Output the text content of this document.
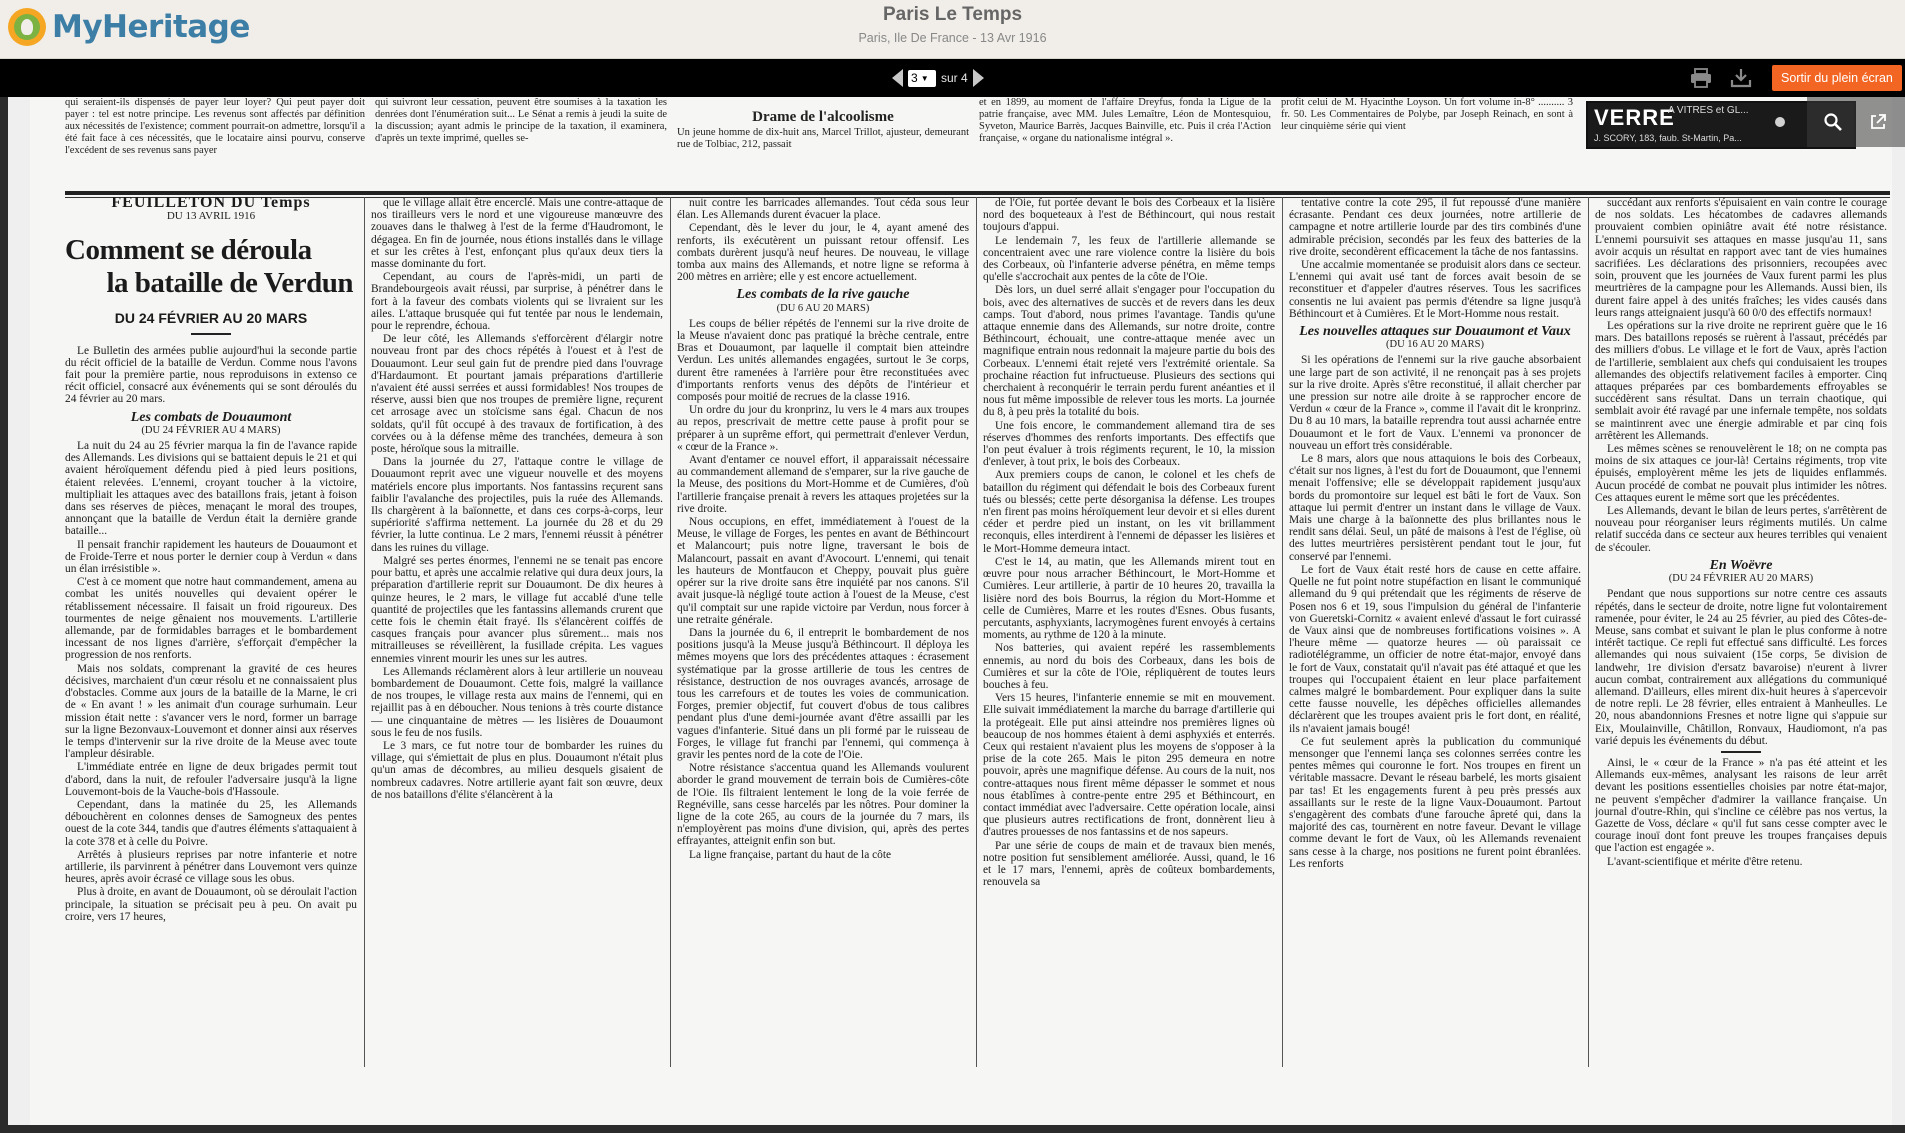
MyHeritage	Paris Le Temps
Paris, Ile De France - 13 Avr 1916
3 ▼ sur 4	Sortir du plein écran

qui seraient-ils dispensés de payer leur loyer? Qui peut payer doit payer : tel est notre principe. Les revenus sont affectés par définition aux nécessités de l'existence; comment pourrait-on admettre, lorsqu'il a été fait face à ces nécessités, que le locataire ainsi pourvu, conserve l'excédent de ses revenus sans payer

qui suivront leur cessation, peuvent être soumises à la taxation les denrées dont l'énumération suit... Le Sénat a remis à jeudi la suite de la discussion; ayant admis le principe de la taxation, il examinera, d'après un texte imprimé, quelles se-

Drame de l'alcoolisme

Un jeune homme de dix-huit ans, Marcel Trillot, ajusteur, demeurant rue de Tolbiac, 212, passait

et en 1899, au moment de l'affaire Dreyfus, fonda la Ligue de la patrie française, avec MM. Jules Lemaître, Léon de Montesquiou, Syveton, Maurice Barrès, Jacques Bainville, etc. Puis il créa l'Action française, « organe du nationalisme intégral ».

profit celui de M. Hyacinthe Loyson. Un fort volume in-8° .......... 3 fr. 50. Les Commentaires de Polybe, par Joseph Reinach, en sont à leur cinquième série qui vient	VERRE
A VITRES et GL...
J. SCORY, 183, faub. St-Martin, Pa...
FEUILLETON DU Temps
DU 13 AVRIL 1916
Comment se déroula
la bataille de Verdun
DU 24 FÉVRIER AU 20 MARS

Le Bulletin des armées publie aujourd'hui la seconde partie du récit officiel de la bataille de Verdun. Comme nous l'avons fait pour la première partie, nous reproduisons in extenso ce récit officiel, consacré aux événements qui se sont déroulés du 24 février au 20 mars.

Les combats de Douaumont
(DU 24 FÉVRIER AU 4 MARS)

La nuit du 24 au 25 février marqua la fin de l'avance rapide des Allemands. Les divisions qui se battaient depuis le 21 et qui avaient héroïquement défendu pied à pied leurs positions, étaient relevées. L'ennemi, croyant toucher à la victoire, multipliait les attaques avec des bataillons frais, jetant à foison dans ses réserves de pièces, menaçant le moral des troupes, annonçant que la bataille de Verdun était la dernière grande bataille...

Il pensait franchir rapidement les hauteurs de Douaumont et de Froide-Terre et nous porter le dernier coup à Verdun « dans un élan irrésistible ».

C'est à ce moment que notre haut commandement, amena au combat les unités nouvelles qui devaient opérer le rétablissement nécessaire. Il faisait un froid rigoureux. Des tourmentes de neige gênaient nos mouvements. L'artillerie allemande, par de formidables barrages et le bombardement incessant de nos lignes d'arrière, s'efforçait d'empêcher la progression de nos renforts.

Mais nos soldats, comprenant la gravité de ces heures décisives, marchaient d'un cœur résolu et ne connaissaient plus d'obstacles. Comme aux jours de la bataille de la Marne, le cri de « En avant ! » les animait d'un courage surhumain. Leur mission était nette : s'avancer vers le nord, former un barrage sur la ligne Bezonvaux-Louvemont et donner ainsi aux réserves le temps d'intervenir sur la rive droite de la Meuse avec toute l'ampleur désirable.

L'immédiate entrée en ligne de deux brigades permit tout d'abord, dans la nuit, de refouler l'adversaire jusqu'à la ligne Louvemont-bois de la Vauche-bois d'Hassoule.

Cependant, dans la matinée du 25, les Allemands débouchèrent en colonnes denses de Samogneux des pentes ouest de la cote 344, tandis que d'autres éléments s'attaquaient à la cote 378 et à celle du Poivre.

Arrêtés à plusieurs reprises par notre infanterie et notre artillerie, ils parvinrent à pénétrer dans Louvemont vers quinze heures, après avoir écrasé ce village sous les obus.

Plus à droite, en avant de Douaumont, où se déroulait l'action principale, la situation se précisait peu à peu. On avait pu croire, vers 17 heures,

que le village allait être encerclé. Mais une contre-attaque de nos tirailleurs vers le nord et une vigoureuse manœuvre des zouaves dans le thalweg à l'est de la ferme d'Haudromont, le dégagea. En fin de journée, nous étions installés dans le village et sur les crêtes à l'est, enfonçant plus qu'aux deux tiers la masse dominante du fort.

Cependant, au cours de l'après-midi, un parti de Brandebourgeois avait réussi, par surprise, à pénétrer dans le fort à la faveur des combats violents qui se livraient sur les ailes. L'attaque brusquée qui fut tentée par nous le lendemain, pour le reprendre, échoua.

De leur côté, les Allemands s'efforcèrent d'élargir notre nouveau front par des chocs répétés à l'ouest et à l'est de Douaumont. Leur seul gain fut de prendre pied dans l'ouvrage d'Hardaumont. Et pourtant jamais préparations d'artillerie n'avaient été aussi serrées et aussi formidables! Nos troupes de réserve, aussi bien que nos troupes de première ligne, reçurent cet arrosage avec un stoïcisme sans égal. Chacun de nos soldats, qu'il fût occupé à des travaux de fortification, à des corvées ou à la défense même des tranchées, demeura à son poste, héroïque sous la mitraille.

Dans la journée du 27, l'attaque contre le village de Douaumont reprit avec une vigueur nouvelle et des moyens matériels encore plus importants. Nos fantassins reçurent sans faiblir l'avalanche des projectiles, puis la ruée des Allemands. Ils chargèrent à la baïonnette, et dans ces corps-à-corps, leur supériorité s'affirma nettement. La journée du 28 et du 29 février, la lutte continua. Le 2 mars, l'ennemi réussit à pénétrer dans les ruines du village.

Malgré ses pertes énormes, l'ennemi ne se tenait pas encore pour battu, et après une accalmie relative qui dura deux jours, la préparation d'artillerie reprit sur Douaumont. De dix heures à quinze heures, le 2 mars, le village fut accablé d'une telle quantité de projectiles que les fantassins allemands crurent que cette fois le chemin était frayé. Ils s'élancèrent coiffés de casques français pour avancer plus sûrement... mais nos mitrailleuses se réveillèrent, la fusillade crépita. Les vagues ennemies vinrent mourir les unes sur les autres.

Les Allemands réclamèrent alors à leur artillerie un nouveau bombardement de Douaumont. Cette fois, malgré la vaillance de nos troupes, le village resta aux mains de l'ennemi, qui en rejaillit pas à en déboucher. Nous tenions à très courte distance — une cinquantaine de mètres — les lisières de Douaumont sous le feu de nos fusils.

Le 3 mars, ce fut notre tour de bombarder les ruines du village, qui s'émiettait de plus en plus. Douaumont n'était plus qu'un amas de décombres, au milieu desquels gisaient de nombreux cadavres. Notre artillerie ayant fait son œuvre, deux de nos bataillons d'élite s'élancèrent à la

nuit contre les barricades allemandes. Tout céda sous leur élan. Les Allemands durent évacuer la place.

Cependant, dès le lever du jour, le 4, ayant amené des renforts, ils exécutèrent un puissant retour offensif. Les combats durèrent jusqu'à neuf heures. De nouveau, le village tomba aux mains des Allemands, et notre ligne se reforma à 200 mètres en arrière; elle y est encore actuellement.

Les combats de la rive gauche
(DU 6 AU 20 MARS)

Les coups de bélier répétés de l'ennemi sur la rive droite de la Meuse n'avaient donc pas pratiqué la brèche centrale, entre Bras et Douaumont, par laquelle il comptait bien atteindre Verdun. Les unités allemandes engagées, surtout le 3e corps, durent être ramenées à l'arrière pour être reconstituées avec d'importants renforts venus des dépôts de l'intérieur et composés pour moitié de recrues de la classe 1916.

Un ordre du jour du kronprinz, lu vers le 4 mars aux troupes au repos, prescrivait de mettre cette pause à profit pour se préparer à un suprême effort, qui permettrait d'enlever Verdun, « cœur de la France ».

Avant d'entamer ce nouvel effort, il apparaissait nécessaire au commandement allemand de s'emparer, sur la rive gauche de la Meuse, des positions du Mort-Homme et de Cumières, d'où l'artillerie française prenait à revers les attaques projetées sur la rive droite.

Nous occupions, en effet, immédiatement à l'ouest de la Meuse, le village de Forges, les pentes en avant de Béthincourt et Malancourt; puis notre ligne, traversant le bois de Malancourt, passait en avant d'Avocourt. L'ennemi, qui tenait les hauteurs de Montfaucon et Cheppy, pouvait plus guère opérer sur la rive droite sans être inquiété par nos canons. S'il avait jusque-là négligé toute action à l'ouest de la Meuse, c'est qu'il comptait sur une rapide victoire par Verdun, nous forcer à une retraite générale.

Dans la journée du 6, il entreprit le bombardement de nos positions jusqu'à la Meuse jusqu'à Béthincourt. Il déploya les mêmes moyens que lors des précédentes attaques : écrasement systématique par la grosse artillerie de tous les centres de résistance, destruction de nos ouvrages avancés, arrosage de tous les carrefours et de toutes les voies de communication. Forges, premier objectif, fut couvert d'obus de tous calibres pendant plus d'une demi-journée avant d'être assailli par les vagues d'infanterie. Situé dans un pli formé par le ruisseau de Forges, le village fut franchi par l'ennemi, qui commença à gravir les pentes nord de la cote de l'Oie.

Notre résistance s'accentua quand les Allemands voulurent aborder le grand mouvement de terrain bois de Cumières-côte de l'Oie. Ils filtraient lentement le long de la voie ferrée de Regnéville, sans cesse harcelés par les nôtres. Pour dominer la ligne de la cote 265, au cours de la journée du 7 mars, ils n'employèrent pas moins d'une division, qui, après des pertes effrayantes, atteignit enfin son but.

La ligne française, partant du haut de la côte

de l'Oie, fut portée devant le bois des Corbeaux et la lisière nord des boqueteaux à l'est de Béthincourt, qui nous restait toujours d'appui.

Le lendemain 7, les feux de l'artillerie allemande se concentraient avec une rare violence contre la lisière du bois des Corbeaux, où l'infanterie adverse pénétra, en même temps qu'elle s'accrochait aux pentes de la côte de l'Oie.

Dès lors, un duel serré allait s'engager pour l'occupation du bois, avec des alternatives de succès et de revers dans les deux camps. Tout d'abord, nous primes l'avantage. Tandis qu'une attaque ennemie dans des Allemands, sur notre droite, contre Béthincourt, échouait, une contre-attaque menée avec un magnifique entrain nous redonnait la majeure partie du bois des Corbeaux. L'ennemi était rejeté vers l'extrémité orientale. Sa prochaine réaction fut infructueuse. Plusieurs des sections qui cherchaient à reconquérir le terrain perdu furent anéanties et il nous fut même impossible de relever tous les morts. La journée du 8, à peu près la totalité du bois.

Une fois encore, le commandement allemand tira de ses réserves d'hommes des renforts importants. Des effectifs que l'on peut évaluer à trois régiments reçurent, le 10, la mission d'enlever, à tout prix, le bois des Corbeaux.

Aux premiers coups de canon, le colonel et les chefs de bataillon du régiment qui défendait le bois des Corbeaux furent tués ou blessés; cette perte désorganisa la défense. Les troupes n'en firent pas moins héroïquement leur devoir et si elles durent céder et perdre pied un instant, on les vit brillamment reconquis, elles interdirent à l'ennemi de dépasser les lisières et le Mort-Homme demeura intact.

C'est le 14, au matin, que les Allemands mirent tout en œuvre pour nous arracher Béthincourt, le Mort-Homme et Cumières. Leur artillerie, à partir de 10 heures 20, travailla la lisière nord des bois Bourrus, la région du Mort-Homme et celle de Cumières, Marre et les routes d'Esnes. Obus fusants, percutants, asphyxiants, lacrymogènes furent envoyés à certains moments, au rythme de 120 à la minute.

Nos batteries, qui avaient repéré les rassemblements ennemis, au nord du bois des Corbeaux, dans les bois de Cumières et sur la côte de l'Oie, répliquèrent de toutes leurs bouches à feu.

Vers 15 heures, l'infanterie ennemie se mit en mouvement. Elle suivait immédiatement la marche du barrage d'artillerie qui la protégeait. Elle put ainsi atteindre nos premières lignes où beaucoup de nos hommes étaient à demi asphyxiés et enterrés. Ceux qui restaient n'avaient plus les moyens de s'opposer à la prise de la cote 265. Mais le piton 295 demeura en notre pouvoir, après une magnifique défense. Au cours de la nuit, nos contre-attaques nous firent même dépasser le sommet et nous nous établîmes à contre-pente entre 295 et Béthincourt, en contact immédiat avec l'adversaire. Cette opération locale, ainsi que plusieurs autres rectifications de front, donnèrent lieu à d'autres prouesses de nos fantassins et de nos sapeurs.

Par une série de coups de main et de travaux bien menés, notre position fut sensiblement améliorée. Aussi, quand, le 16 et le 17 mars, l'ennemi, après de coûteux bombardements, renouvela sa

tentative contre la cote 295, il fut repoussé d'une manière écrasante. Pendant ces deux journées, notre artillerie de campagne et notre artillerie lourde par des tirs combinés d'une admirable précision, secondés par les feux des batteries de la rive droite, secondèrent efficacement la tâche de nos fantassins.

Une accalmie momentanée se produisit alors dans ce secteur. L'ennemi qui avait usé tant de forces avait besoin de se reconstituer et d'appeler d'autres réserves. Tous les sacrifices consentis ne lui avaient pas permis d'étendre sa ligne jusqu'à Béthincourt et à Cumières. Et le Mort-Homme nous restait.

Les nouvelles attaques sur Douaumont et Vaux
(DU 16 AU 20 MARS)

Si les opérations de l'ennemi sur la rive gauche absorbaient une large part de son activité, il ne renonçait pas à ses projets sur la rive droite. Après s'être reconstitué, il allait chercher par une pression sur notre aile droite à se rapprocher encore de Verdun « cœur de la France », comme il l'avait dit le kronprinz. Du 8 au 10 mars, la bataille reprendra tout aussi acharnée entre Douaumont et le fort de Vaux. L'ennemi va prononcer de nouveau un effort très considérable.

Le 8 mars, alors que nous attaquions le bois des Corbeaux, c'était sur nos lignes, à l'est du fort de Douaumont, que l'ennemi menait l'offensive; elle se développait rapidement jusqu'aux bords du promontoire sur lequel est bâti le fort de Vaux. Son attaque lui permit d'entrer un instant dans le village de Vaux. Mais une charge à la baïonnette des plus brillantes nous le rendit sans délai. Seul, un pâté de maisons à l'est de l'église, où des luttes meurtrières persistèrent pendant tout le jour, fut conservé par l'ennemi.

Le fort de Vaux était resté hors de cause en cette affaire. Quelle ne fut point notre stupéfaction en lisant le communiqué allemand du 9 qui prétendait que les régiments de réserve de Posen nos 6 et 19, sous l'impulsion du général de l'infanterie von Gueretski-Cornitz « avaient enlevé d'assaut le fort cuirassé de Vaux ainsi que de nombreuses fortifications voisines ». A l'heure même — quatorze heures — où paraissait ce radiotélégramme, un officier de notre état-major, envoyé dans le fort de Vaux, constatait qu'il n'avait pas été attaqué et que les troupes qui l'occupaient étaient en leur place parfaitement calmes malgré le bombardement. Pour expliquer dans la suite cette fausse nouvelle, les dépêches officielles allemandes déclarèrent que les troupes avaient pris le fort dont, en réalité, ils n'avaient jamais bougé!

Ce fut seulement après la publication du communiqué mensonger que l'ennemi lança ses colonnes serrées contre les pentes mêmes qui couronne le fort. Nos troupes en firent un véritable massacre. Devant le réseau barbelé, les morts gisaient par tas! Et les engagements furent à peu près pressés aux assaillants sur le reste de la ligne Vaux-Douaumont. Partout s'engagèrent des combats d'une farouche âpreté qui, dans la majorité des cas, tournèrent en notre faveur. Devant le village comme devant le fort de Vaux, où les Allemands revenaient sans cesse à la charge, nos positions ne furent point ébranlées. Les renforts

succédant aux renforts s'épuisaient en vain contre le courage de nos soldats. Les hécatombes de cadavres allemands prouvaient combien opiniâtre avait été notre résistance. L'ennemi poursuivit ses attaques en masse jusqu'au 11, sans avoir acquis un résultat en rapport avec tant de vies humaines sacrifiées. Les déclarations des prisonniers, recoupées avec soin, prouvent que les journées de Vaux furent parmi les plus meurtrières de la campagne pour les Allemands. Aussi bien, ils durent faire appel à des unités fraîches; les vides causés dans leurs rangs atteignaient jusqu'à 60 0/0 des effectifs normaux!

Les opérations sur la rive droite ne reprirent guère que le 16 mars. Des bataillons reposés se ruèrent à l'assaut, précédés par des milliers d'obus. Le village et le fort de Vaux, après l'action de l'artillerie, semblaient aux chefs qui conduisaient les troupes allemandes des objectifs relativement faciles à emporter. Cinq attaques préparées par ces bombardements effroyables se succédèrent sans résultat. Dans un terrain chaotique, qui semblait avoir été ravagé par une infernale tempête, nos soldats se maintinrent avec une énergie admirable et par cinq fois arrêtèrent les Allemands.

Les mêmes scènes se renouvelèrent le 18; on ne compta pas moins de six attaques ce jour-là! Certains régiments, trop vite épuisés, employèrent même les jets de liquides enflammés. Aucun procédé de combat ne pouvait plus intimider les nôtres. Ces attaques eurent le même sort que les précédentes.

Les Allemands, devant le bilan de leurs pertes, s'arrêtèrent de nouveau pour réorganiser leurs régiments mutilés. Un calme relatif succéda dans ce secteur aux heures terribles qui venaient de s'écouler.

En Woëvre
(DU 24 FÉVRIER AU 20 MARS)

Pendant que nous supportions sur notre centre ces assauts répétés, dans le secteur de droite, notre ligne fut volontairement ramenée, pour éviter, le 24 au 25 février, au pied des Côtes-de-Meuse, sans combat et suivant le plan le plus conforme à notre intérêt tactique. Ce repli fut effectué sans difficulté. Les forces allemandes qui nous suivaient (15e corps, 5e division de landwehr, 1re division d'ersatz bavaroise) n'eurent à livrer aucun combat, contrairement aux allégations du communiqué allemand. D'ailleurs, elles mirent dix-huit heures à s'apercevoir de notre repli. Le 28 février, elles entraient à Manheulles. Le 20, nous abandonnions Fresnes et notre ligne qui s'appuie sur Eix, Moulainville, Châtillon, Ronvaux, Haudiomont, n'a pas varié depuis les événements du début.

Ainsi, le « cœur de la France » n'a pas été atteint et les Allemands eux-mêmes, analysant les raisons de leur arrêt devant les positions essentielles choisies par notre état-major, ne peuvent s'empêcher d'admirer la vaillance française. Un journal d'outre-Rhin, qui s'incline ce célèbre pas nos vertus, la Gazette de Voss, déclare « qu'il fut sans cesse compter avec le courage inouï dont font preuve les troupes françaises depuis que l'action est engagée ».

L'avant-scientifique et mérite d'être retenu.
